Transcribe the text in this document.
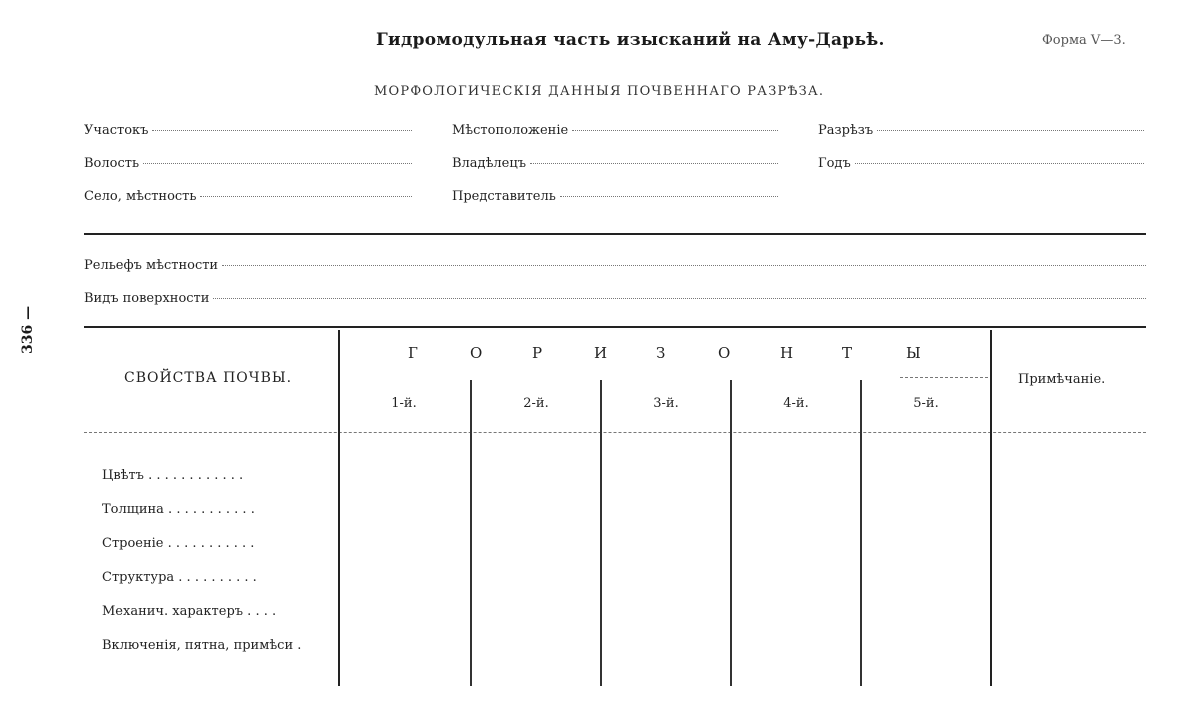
Гидромодульная часть изысканий на Аму-Дарьѣ.	Форма V—3.
МОРФОЛОГИЧЕСКІЯ ДАННЫЯ ПОЧВЕННАГО РАЗРѢЗА.
336 —
Участокъ	Мѣстоположеніе	Разрѣзъ
Волость	Владѣлецъ	Годъ
Село, мѣстность	Представитель
Рельефъ мѣстности
Видъ поверхности
СВОЙСТВА ПОЧВЫ.
Г	О	Р	И	З	О	Н	Т	Ы
1-й.	2-й.	3-й.	4-й.	5-й.
Примѣчаніе.
Цвѣтъ . . . . . . . . . . . .
Толщина . . . . . . . . . . .
Строеніе . . . . . . . . . . .
Структура . . . . . . . . . .
Механич. характеръ . . . .
Включенія, пятна, примѣси .
